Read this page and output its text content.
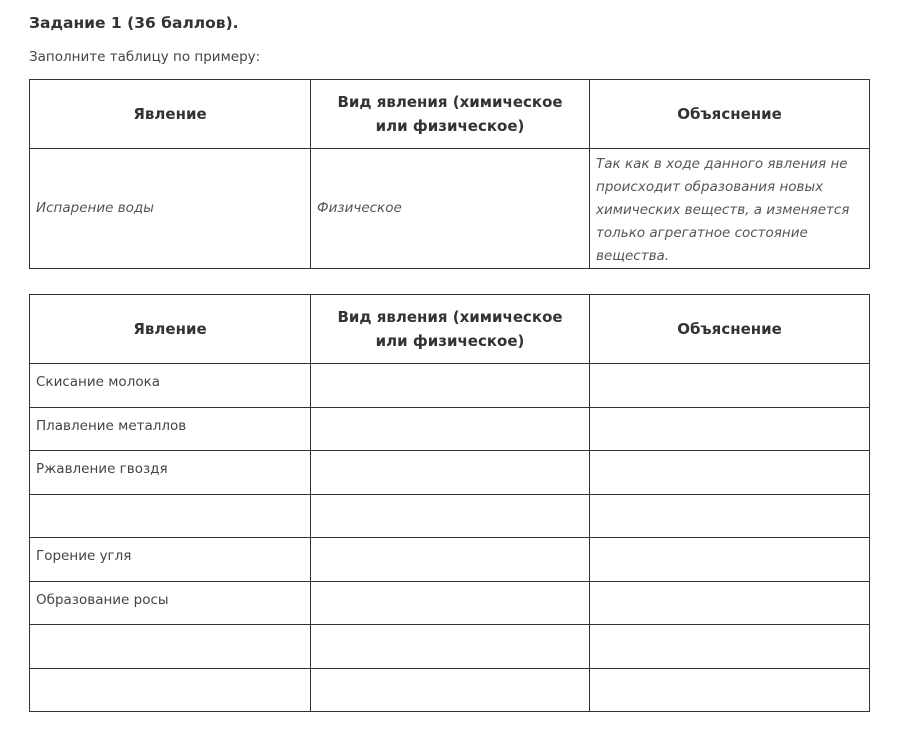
Задание 1 (36 баллов).
Заполните таблицу по примеру:
Явление	Вид явления (химическое или физическое)	Объяснение
Испарение воды	Физическое	Так как в ходе данного явления не происходит образования новых химических веществ, а изменяется только агрегатное состояние вещества.
Явление	Вид явления (химическое или физическое)	Объяснение
Скисание молока		
Плавление металлов		
Ржавление гвоздя		

Горение угля		
Образование росы		
